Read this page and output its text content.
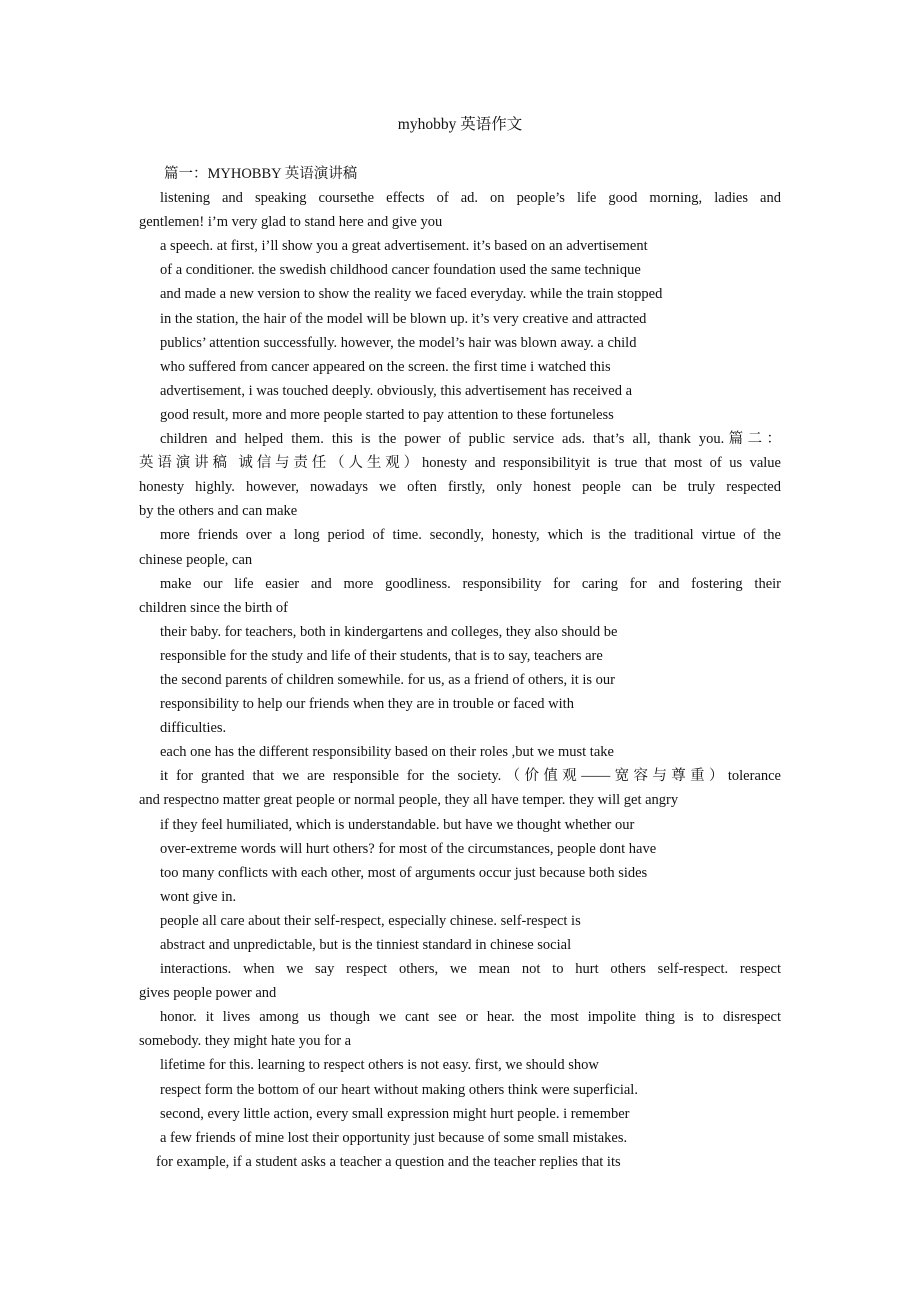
myhobby 英语作文
篇一：MYHOBBY 英语演讲稿
listening and speaking coursethe effects of ad. on people’s life good morning, ladies and
gentlemen! i’m very glad to stand here and give you
a speech. at first, i’ll show you a great advertisement. it’s based on an advertisement
of a conditioner. the swedish childhood cancer foundation used the same technique
and made a new version to show the reality we faced everyday. while the train stopped
in the station, the hair of the model will be blown up. it’s very creative and attracted
publics’ attention successfully. however, the model’s hair was blown away. a child
who suffered from cancer appeared on the screen. the first time i watched this
advertisement, i was touched deeply. obviously, this advertisement has received a
good result, more and more people started to pay attention to these fortuneless
children and helped them. this is the power of public service ads. that’s all, thank you.篇二：
英语演讲稿 诚信与责任（人生观）honesty and responsibilityit is true that most of us value
honesty highly. however, nowadays we often firstly, only honest people can be truly respected
by the others and can make
more friends over a long period of time. secondly, honesty, which is the traditional virtue of the
chinese people, can
make our life easier and more goodliness. responsibility for caring for and fostering their
children since the birth of
their baby. for teachers, both in kindergartens and colleges, they also should be
responsible for the study and life of their students, that is to say, teachers are
the second parents of children somewhile. for us, as a friend of others, it is our
responsibility to help our friends when they are in trouble or faced with
difficulties.
each one has the different responsibility based on their roles ,but we must take
it for granted that we are responsible for the society.（价值观——宽容与尊重）tolerance
and respectno matter great people or normal people, they all have temper. they will get angry
if they feel humiliated, which is understandable. but have we thought whether our
over-extreme words will hurt others? for most of the circumstances, people dont have
too many conflicts with each other, most of arguments occur just because both sides
wont give in.
people all care about their self-respect, especially chinese. self-respect is
abstract and unpredictable, but is the tinniest standard in chinese social
interactions. when we say respect others, we mean not to hurt others self-respect. respect
gives people power and
honor. it lives among us though we cant see or hear. the most impolite thing is to disrespect
somebody. they might hate you for a
lifetime for this. learning to respect others is not easy. first, we should show
respect form the bottom of our heart without making others think were superficial.
second, every little action, every small expression might hurt people. i remember
a few friends of mine lost their opportunity just because of some small mistakes.
for example, if a student asks a teacher a question and the teacher replies that its
